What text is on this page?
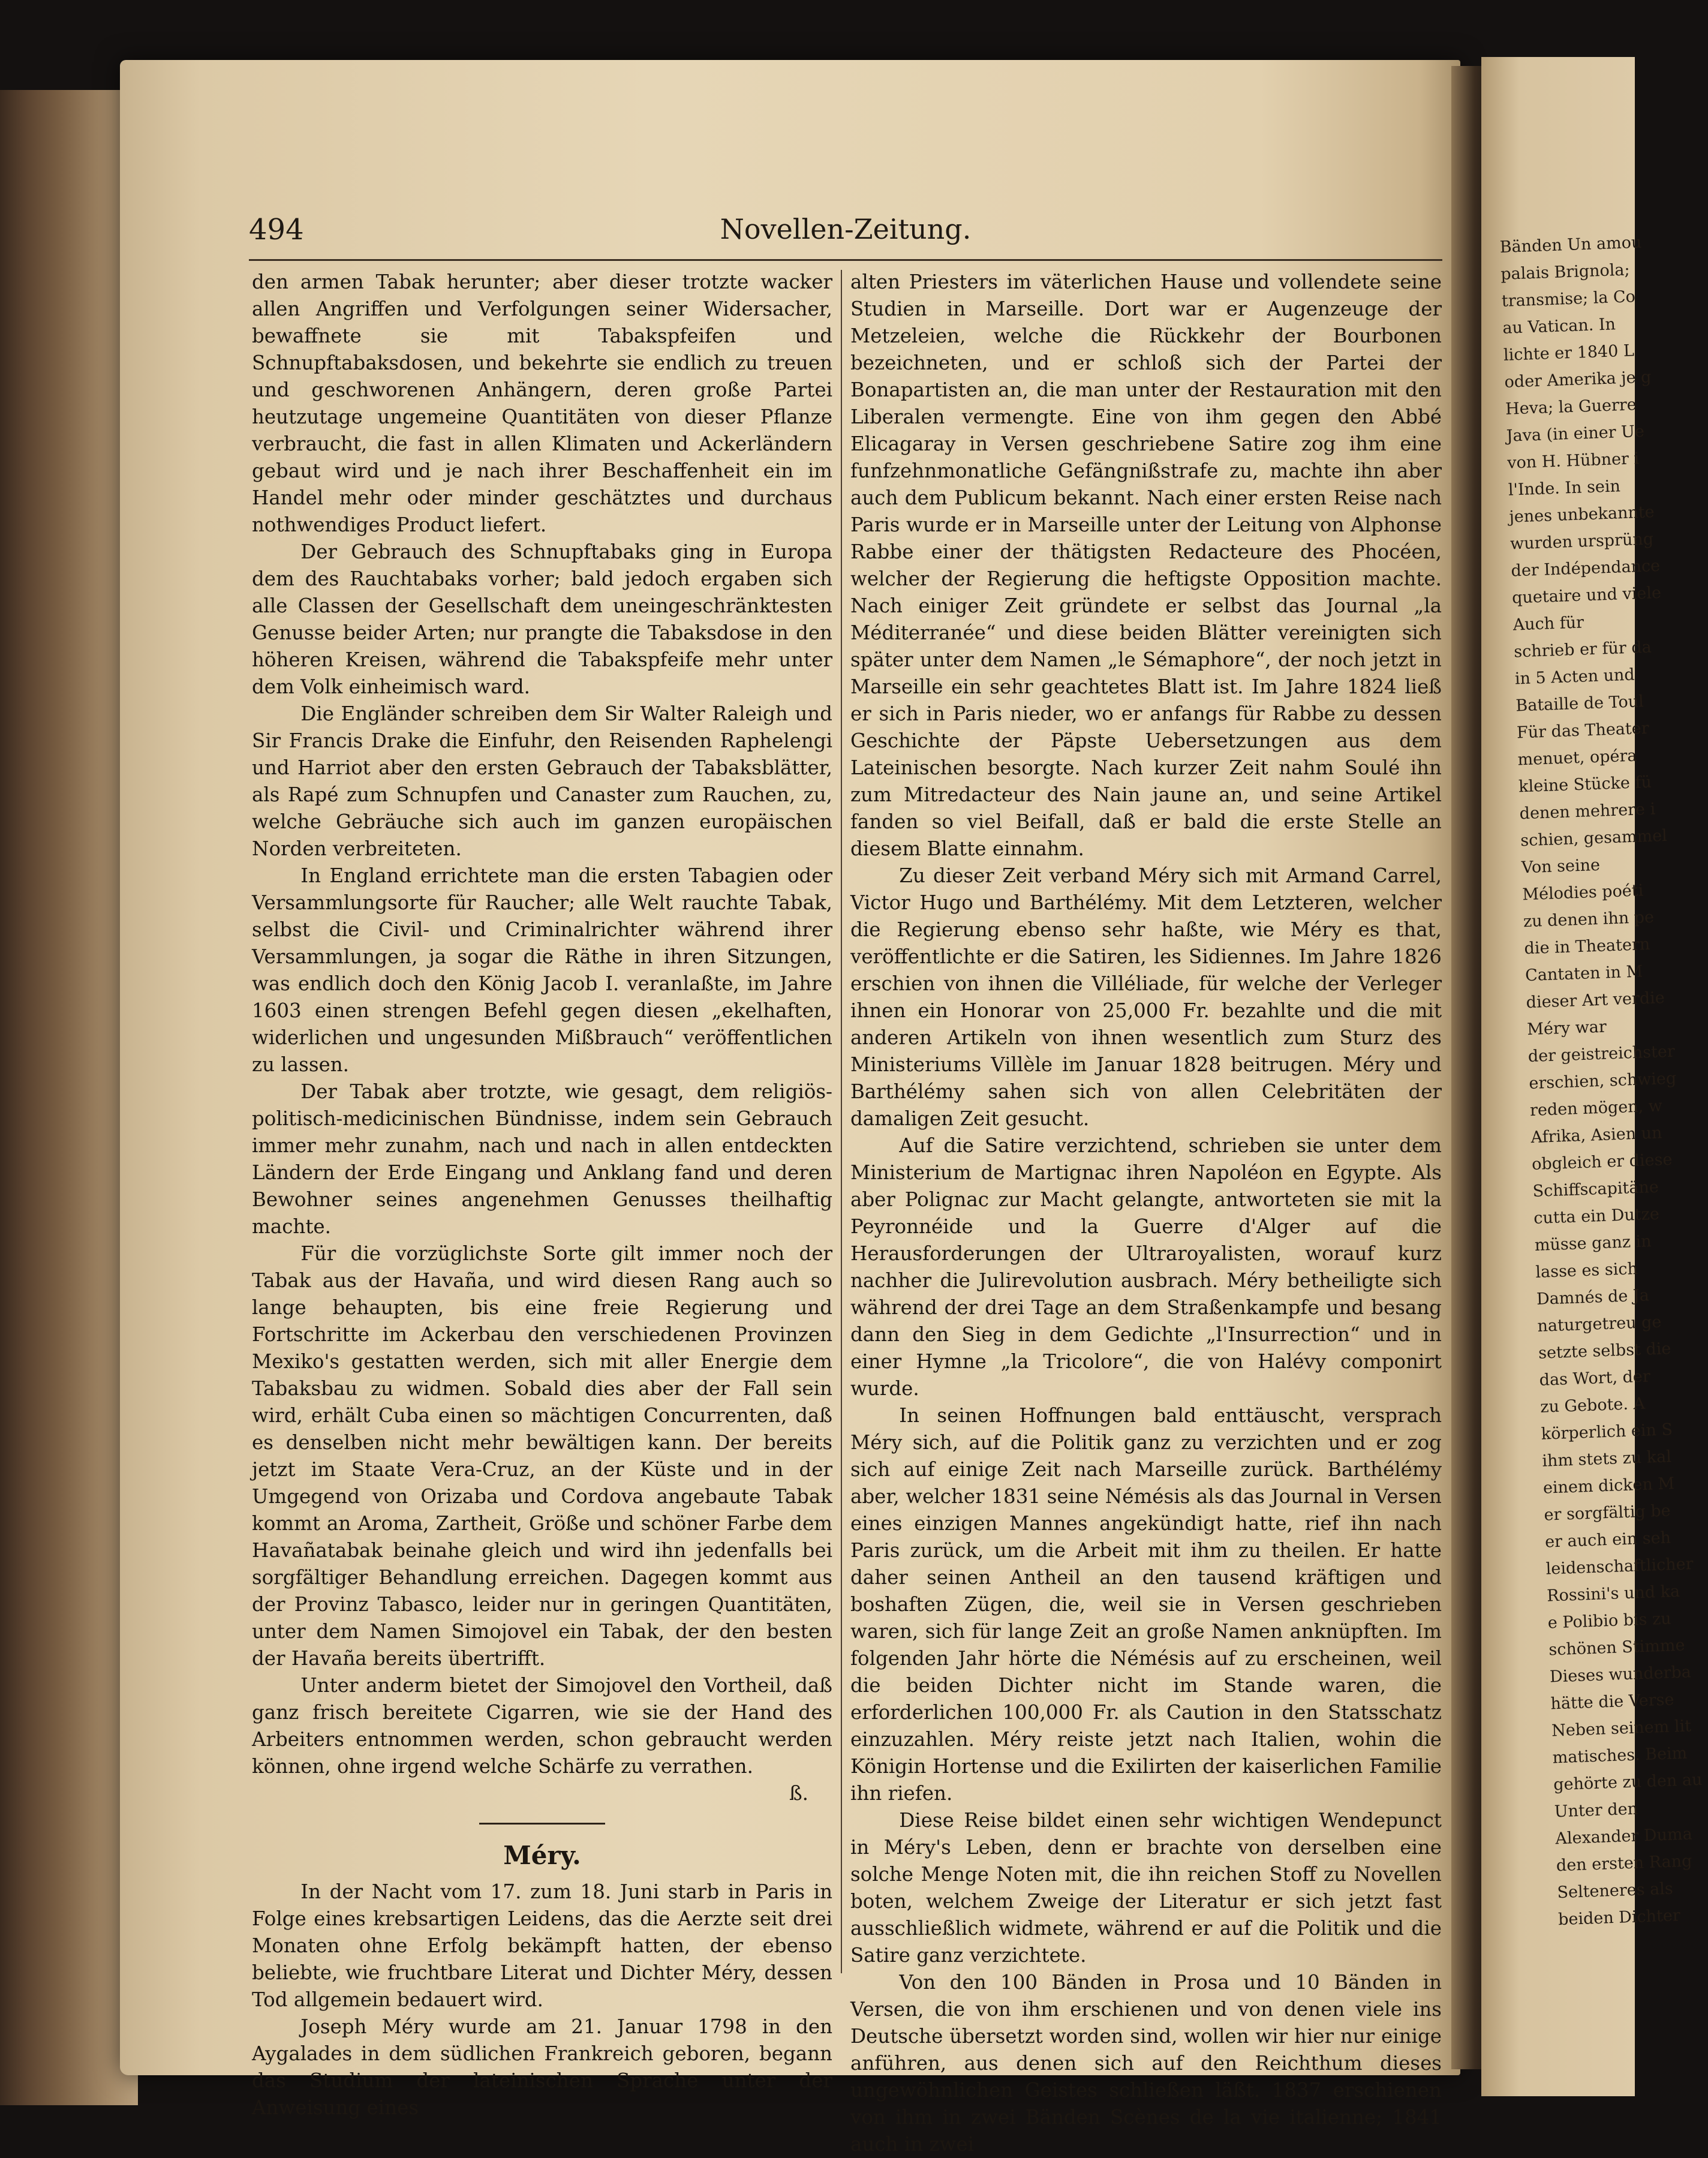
494	Novellen-Zeitung.

den armen Tabak herunter; aber dieser trotzte wacker allen Angriffen und Verfolgungen seiner Widersacher, bewaffnete sie mit Tabakspfeifen und Schnupftabaksdosen, und bekehrte sie endlich zu treuen und geschworenen Anhängern, deren große Partei heutzutage ungemeine Quantitäten von dieser Pflanze verbraucht, die fast in allen Klimaten und Ackerländern gebaut wird und je nach ihrer Beschaffenheit ein im Handel mehr oder minder geschätztes und durchaus nothwendiges Product liefert.

Der Gebrauch des Schnupftabaks ging in Europa dem des Rauchtabaks vorher; bald jedoch ergaben sich alle Classen der Gesellschaft dem uneingeschränktesten Genusse beider Arten; nur prangte die Tabaksdose in den höheren Kreisen, während die Tabakspfeife mehr unter dem Volk einheimisch ward.

Die Engländer schreiben dem Sir Walter Raleigh und Sir Francis Drake die Einfuhr, den Reisenden Raphelengi und Harriot aber den ersten Gebrauch der Tabaksblätter, als Rapé zum Schnupfen und Canaster zum Rauchen, zu, welche Gebräuche sich auch im ganzen europäischen Norden verbreiteten.

In England errichtete man die ersten Tabagien oder Versammlungsorte für Raucher; alle Welt rauchte Tabak, selbst die Civil- und Criminalrichter während ihrer Versammlungen, ja sogar die Räthe in ihren Sitzungen, was endlich doch den König Jacob I. veranlaßte, im Jahre 1603 einen strengen Befehl gegen diesen „ekelhaften, widerlichen und ungesunden Mißbrauch“ veröffentlichen zu lassen.

Der Tabak aber trotzte, wie gesagt, dem religiös-politisch-medicinischen Bündnisse, indem sein Gebrauch immer mehr zunahm, nach und nach in allen entdeckten Ländern der Erde Eingang und Anklang fand und deren Bewohner seines angenehmen Genusses theilhaftig machte.

Für die vorzüglichste Sorte gilt immer noch der Tabak aus der Havaña, und wird diesen Rang auch so lange behaupten, bis eine freie Regierung und Fortschritte im Ackerbau den verschiedenen Provinzen Mexiko's gestatten werden, sich mit aller Energie dem Tabaksbau zu widmen. Sobald dies aber der Fall sein wird, erhält Cuba einen so mächtigen Concurrenten, daß es denselben nicht mehr bewältigen kann. Der bereits jetzt im Staate Vera-Cruz, an der Küste und in der Umgegend von Orizaba und Cordova angebaute Tabak kommt an Aroma, Zartheit, Größe und schöner Farbe dem Havañatabak beinahe gleich und wird ihn jedenfalls bei sorgfältiger Behandlung erreichen. Dagegen kommt aus der Provinz Tabasco, leider nur in geringen Quantitäten, unter dem Namen Simojovel ein Tabak, der den besten der Havaña bereits übertrifft.

Unter anderm bietet der Simojovel den Vortheil, daß ganz frisch bereitete Cigarren, wie sie der Hand des Arbeiters entnommen werden, schon gebraucht werden können, ohne irgend welche Schärfe zu verrathen.

ß.

Méry.

In der Nacht vom 17. zum 18. Juni starb in Paris in Folge eines krebsartigen Leidens, das die Aerzte seit drei Monaten ohne Erfolg bekämpft hatten, der ebenso beliebte, wie fruchtbare Literat und Dichter Méry, dessen Tod allgemein bedauert wird.

Joseph Méry wurde am 21. Januar 1798 in den Aygalades in dem südlichen Frankreich geboren, begann das Studium der lateinischen Sprache unter der Anweisung eines

alten Priesters im väterlichen Hause und vollendete seine Studien in Marseille. Dort war er Augenzeuge der Metzeleien, welche die Rückkehr der Bourbonen bezeichneten, und er schloß sich der Partei der Bonapartisten an, die man unter der Restauration mit den Liberalen vermengte. Eine von ihm gegen den Abbé Elicagaray in Versen geschriebene Satire zog ihm eine funfzehnmonatliche Gefängnißstrafe zu, machte ihn aber auch dem Publicum bekannt. Nach einer ersten Reise nach Paris wurde er in Marseille unter der Leitung von Alphonse Rabbe einer der thätigsten Redacteure des Phocéen, welcher der Regierung die heftigste Opposition machte. Nach einiger Zeit gründete er selbst das Journal „la Méditerranée“ und diese beiden Blätter vereinigten sich später unter dem Namen „le Sémaphore“, der noch jetzt in Marseille ein sehr geachtetes Blatt ist. Im Jahre 1824 ließ er sich in Paris nieder, wo er anfangs für Rabbe zu dessen Geschichte der Päpste Uebersetzungen aus dem Lateinischen besorgte. Nach kurzer Zeit nahm Soulé ihn zum Mitredacteur des Nain jaune an, und seine Artikel fanden so viel Beifall, daß er bald die erste Stelle an diesem Blatte einnahm.

Zu dieser Zeit verband Méry sich mit Armand Carrel, Victor Hugo und Barthélémy. Mit dem Letzteren, welcher die Regierung ebenso sehr haßte, wie Méry es that, veröffentlichte er die Satiren, les Sidiennes. Im Jahre 1826 erschien von ihnen die Villéliade, für welche der Verleger ihnen ein Honorar von 25,000 Fr. bezahlte und die mit anderen Artikeln von ihnen wesentlich zum Sturz des Ministeriums Villèle im Januar 1828 beitrugen. Méry und Barthélémy sahen sich von allen Celebritäten der damaligen Zeit gesucht.

Auf die Satire verzichtend, schrieben sie unter dem Ministerium de Martignac ihren Napoléon en Egypte. Als aber Polignac zur Macht gelangte, antworteten sie mit la Peyronnéide und la Guerre d'Alger auf die Herausforderungen der Ultraroyalisten, worauf kurz nachher die Julirevolution ausbrach. Méry betheiligte sich während der drei Tage an dem Straßenkampfe und besang dann den Sieg in dem Gedichte „l'Insurrection“ und in einer Hymne „la Tricolore“, die von Halévy componirt wurde.

In seinen Hoffnungen bald enttäuscht, versprach Méry sich, auf die Politik ganz zu verzichten und er zog sich auf einige Zeit nach Marseille zurück. Barthélémy aber, welcher 1831 seine Némésis als das Journal in Versen eines einzigen Mannes angekündigt hatte, rief ihn nach Paris zurück, um die Arbeit mit ihm zu theilen. Er hatte daher seinen Antheil an den tausend kräftigen und boshaften Zügen, die, weil sie in Versen geschrieben waren, sich für lange Zeit an große Namen anknüpften. Im folgenden Jahr hörte die Némésis auf zu erscheinen, weil die beiden Dichter nicht im Stande waren, die erforderlichen 100,000 Fr. als Caution in den Statsschatz einzuzahlen. Méry reiste jetzt nach Italien, wohin die Königin Hortense und die Exilirten der kaiserlichen Familie ihn riefen.

Diese Reise bildet einen sehr wichtigen Wendepunct in Méry's Leben, denn er brachte von derselben eine solche Menge Noten mit, die ihn reichen Stoff zu Novellen boten, welchem Zweige der Literatur er sich jetzt fast ausschließlich widmete, während er auf die Politik und die Satire ganz verzichtete.

Von den 100 Bänden in Prosa und 10 Bänden in Versen, die von ihm erschienen und von denen viele ins Deutsche übersetzt worden sind, wollen wir hier nur einige anführen, aus denen sich auf den Reichthum dieses ungewöhnlichen Geistes schließen läßt. 1837 erschienen von ihm in zwei Bänden Scènes de la vie italienne; 1841 auch in zwei

Bänden Un amou
palais Brignola;
transmise; la Co
au Vatican. In
lichte er 1840 L
oder Amerika je g
Heva; la Guerre
Java (in einer Ue
von H. Hübner i
l'Inde. In sein
jenes unbekannte
wurden ursprüng
der Indépendance
quetaire und viele
Auch für
schrieb er für da
in 5 Acten und
Bataille de Toul
Für das Theater
menuet, opéra
kleine Stücke fü
denen mehrere i
schien, gesammel
Von seine
Mélodies poéti
zu denen ihn pe
die in Theatern
Cantaten in M
dieser Art verdie
Méry war
der geistreichster
erschien, schwieg
reden mögen, w
Afrika, Asien un
obgleich er diese
Schiffscapitäne
cutta ein Dutze
müsse ganz in
lasse es sich
Damnés de Ja
naturgetreu ge
setzte selbst die
das Wort, der
zu Gebote. A
körperlich ein S
ihm stets zu kal
einem dicken M
er sorgfältig be
er auch ein seh
leidenschaftlicher
Rossini's und ka
e Polibio bis zu
schönen Stimme
Dieses wunderba
hätte die Verse
Neben seinem lit
matisches. Beim
gehörte zu den au
Unter den
Alexander Duma
den ersten Rang
Selteneres als
beiden Dichter
